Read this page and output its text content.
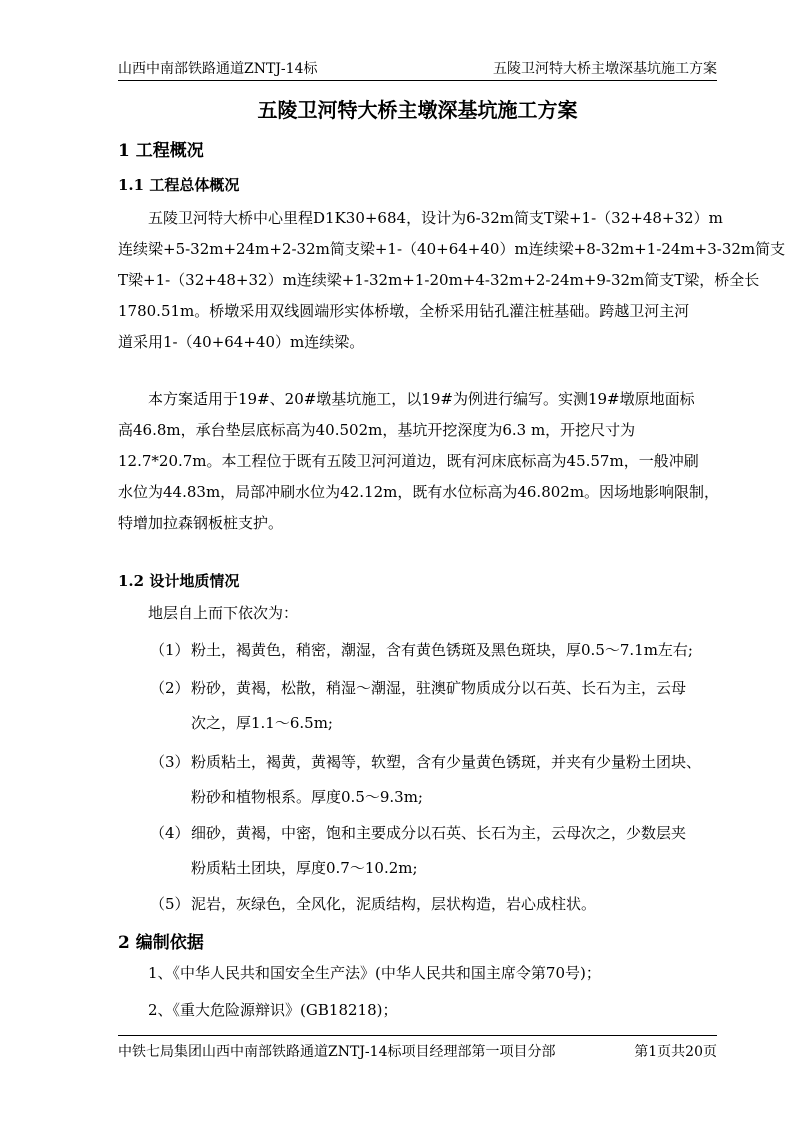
山西中南部铁路通道ZNTJ-14标	五陵卫河特大桥主墩深基坑施工方案
五陵卫河特大桥主墩深基坑施工方案
1 工程概况
1.1 工程总体概况
　　五陵卫河特大桥中心里程D1K30+684，设计为6-32m简支T梁+1-（32+48+32）m
连续梁+5-32m+24m+2-32m简支梁+1-（40+64+40）m连续梁+8-32m+1-24m+3-32m简支
T梁+1-（32+48+32）m连续梁+1-32m+1-20m+4-32m+2-24m+9-32m简支T梁，桥全长
1780.51m。桥墩采用双线圆端形实体桥墩，全桥采用钻孔灌注桩基础。跨越卫河主河
道采用1-（40+64+40）m连续梁。
　　本方案适用于19#、20#墩基坑施工，以19#为例进行编写。实测19#墩原地面标
高46.8m，承台垫层底标高为40.502m，基坑开挖深度为6.3 m，开挖尺寸为
12.7*20.7m。本工程位于既有五陵卫河河道边，既有河床底标高为45.57m，一般冲刷
水位为44.83m，局部冲刷水位为42.12m，既有水位标高为46.802m。因场地影响限制，
特增加拉森钢板桩支护。
1.2 设计地质情况
　　地层自上而下依次为：
（1） 粉土，褐黄色，稍密，潮湿，含有黄色锈斑及黑色斑块，厚0.5～7.1m左右;
（2） 粉砂，黄褐，松散，稍湿～潮湿，驻澳矿物质成分以石英、长石为主，云母
次之，厚1.1～6.5m;
（3） 粉质粘土，褐黄，黄褐等，软塑，含有少量黄色锈斑，并夹有少量粉土团块、
粉砂和植物根系。厚度0.5～9.3m;
（4） 细砂，黄褐，中密，饱和主要成分以石英、长石为主，云母次之，少数层夹
粉质粘土团块，厚度0.7～10.2m;
（5） 泥岩，灰绿色，全风化，泥质结构，层状构造，岩心成柱状。
2 编制依据
　　1、《中华人民共和国安全生产法》(中华人民共和国主席令第70号)；
　　2、《重大危险源辩识》(GB18218)；
中铁七局集团山西中南部铁路通道ZNTJ-14标项目经理部第一项目分部	第1页共20页
